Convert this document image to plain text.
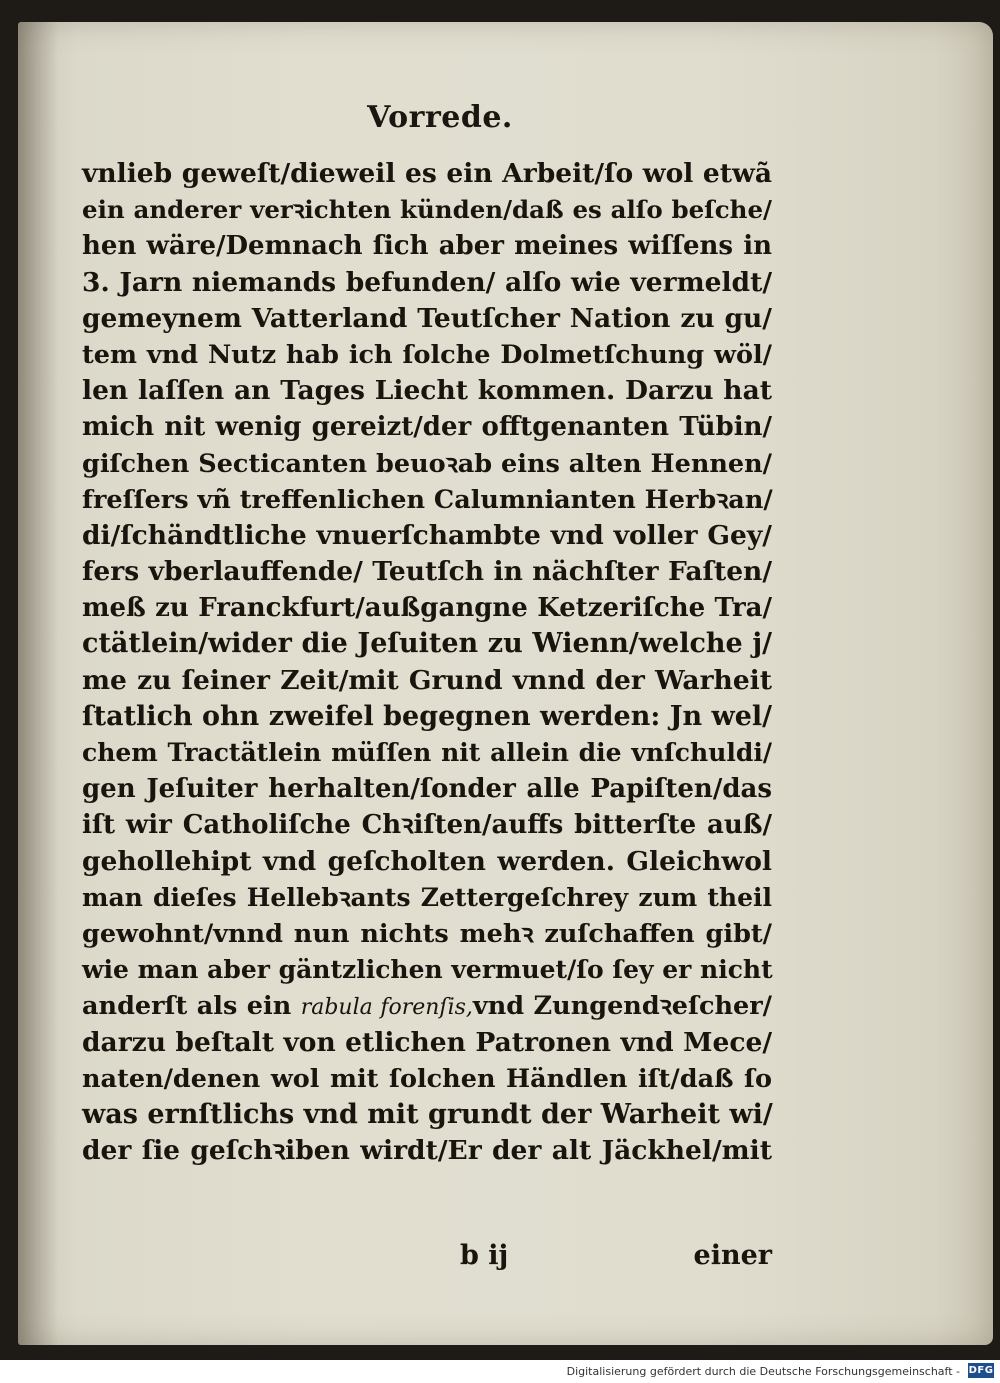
Vorrede.
vnlieb geweſt/dieweil es ein Arbeit/ſo wol etwã
ein anderer verꝛichten künden/daß es alſo beſche/
hen wäre/Demnach ſich aber meines wiſſens in
3. Jarn niemands befunden/ alſo wie vermeldt/
gemeynem Vatterland Teutſcher Nation zu gu/
tem vnd Nutz hab ich ſolche Dolmetſchung wöl/
len laſſen an Tages Liecht kommen. Darzu hat
mich nit wenig gereizt/der offtgenanten Tübin/
giſchen Secticanten beuoꝛab eins alten Hennen/
freſſers vñ treffenlichen Calumnianten Herbꝛan/
di/ſchändtliche vnuerſchambte vnd voller Gey/
fers vberlauffende/ Teutſch in nächſter Faſten/
meß zu Franckfurt/außgangne Ketzeriſche Tra/
ctätlein/wider die Jeſuiten zu Wienn/welche j/
me zu ſeiner Zeit/mit Grund vnnd der Warheit
ſtatlich ohn zweifel begegnen werden: Jn wel/
chem Tractätlein müſſen nit allein die vnſchuldi/
gen Jeſuiter herhalten/ſonder alle Papiſten/das
iſt wir Catholiſche Chꝛiſten/auffs bitterſte auß/
gehollehipt vnd geſcholten werden. Gleichwol
man dieſes Hellebꝛants Zettergeſchrey zum theil
gewohnt/vnnd nun nichts mehꝛ zuſchaffen gibt/
wie man aber gäntzlichen vermuet/ſo ſey er nicht
anderſt als ein rabula forenſis,vnd Zungendꝛeſcher/
darzu beſtalt von etlichen Patronen vnd Mece/
naten/denen wol mit ſolchen Händlen iſt/daß ſo
was ernſtlichs vnd mit grundt der Warheit wi/
der ſie geſchꝛiben wirdt/Er der alt Jäckhel/mit
b ij	einer
Digitalisierung gefördert durch die Deutsche Forschungsgemeinschaft - DFG
